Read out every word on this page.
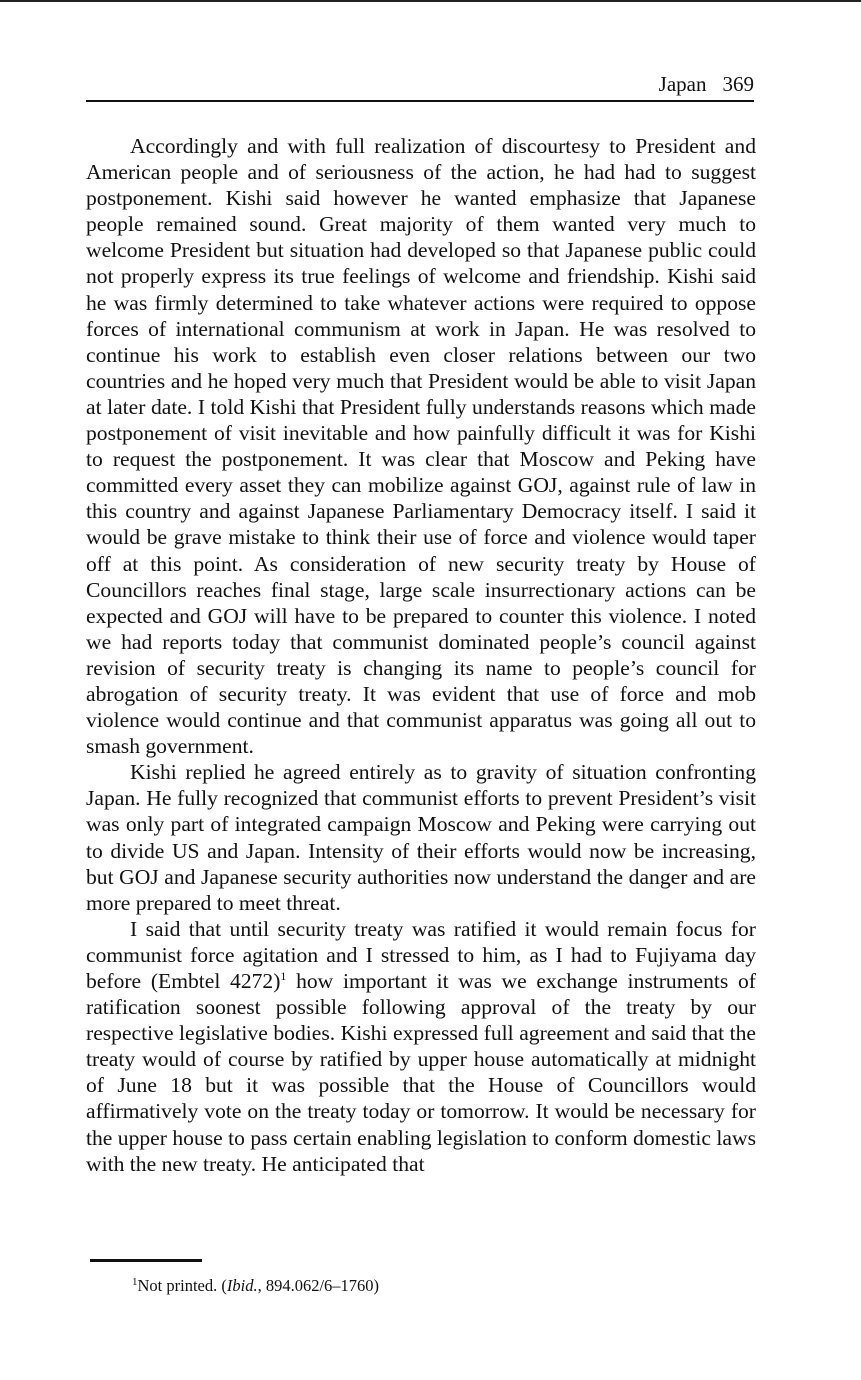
Japan 369

Accordingly and with full realization of discourtesy to President and American people and of seriousness of the action, he had had to suggest postponement. Kishi said however he wanted emphasize that Japanese people remained sound. Great majority of them wanted very much to welcome President but situation had developed so that Japanese public could not properly express its true feelings of welcome and friendship. Kishi said he was firmly determined to take whatever actions were required to oppose forces of international communism at work in Japan. He was resolved to continue his work to establish even closer relations between our two countries and he hoped very much that President would be able to visit Japan at later date. I told Kishi that President fully understands reasons which made postponement of visit inevitable and how painfully difficult it was for Kishi to request the postponement. It was clear that Moscow and Peking have committed every asset they can mobilize against GOJ, against rule of law in this country and against Japanese Parliamentary Democracy itself. I said it would be grave mistake to think their use of force and violence would taper off at this point. As consideration of new security treaty by House of Councillors reaches final stage, large scale insurrectionary actions can be expected and GOJ will have to be prepared to counter this violence. I noted we had reports today that communist dominated people’s council against revision of security treaty is changing its name to people’s council for abrogation of security treaty. It was evident that use of force and mob violence would continue and that communist apparatus was going all out to smash government.

Kishi replied he agreed entirely as to gravity of situation confronting Japan. He fully recognized that communist efforts to prevent President’s visit was only part of integrated campaign Moscow and Peking were carrying out to divide US and Japan. Intensity of their efforts would now be increasing, but GOJ and Japanese security authorities now understand the danger and are more prepared to meet threat.

I said that until security treaty was ratified it would remain focus for communist force agitation and I stressed to him, as I had to Fujiyama day before (Embtel 4272)$^1$ how important it was we exchange instruments of ratification soonest possible following approval of the treaty by our respective legislative bodies. Kishi expressed full agreement and said that the treaty would of course by ratified by upper house automatically at midnight of June 18 but it was possible that the House of Councillors would affirmatively vote on the treaty today or tomorrow. It would be necessary for the upper house to pass certain enabling legislation to conform domestic laws with the new treaty. He anticipated that

$^1$Not printed. (Ibid., 894.062/6–1760)
